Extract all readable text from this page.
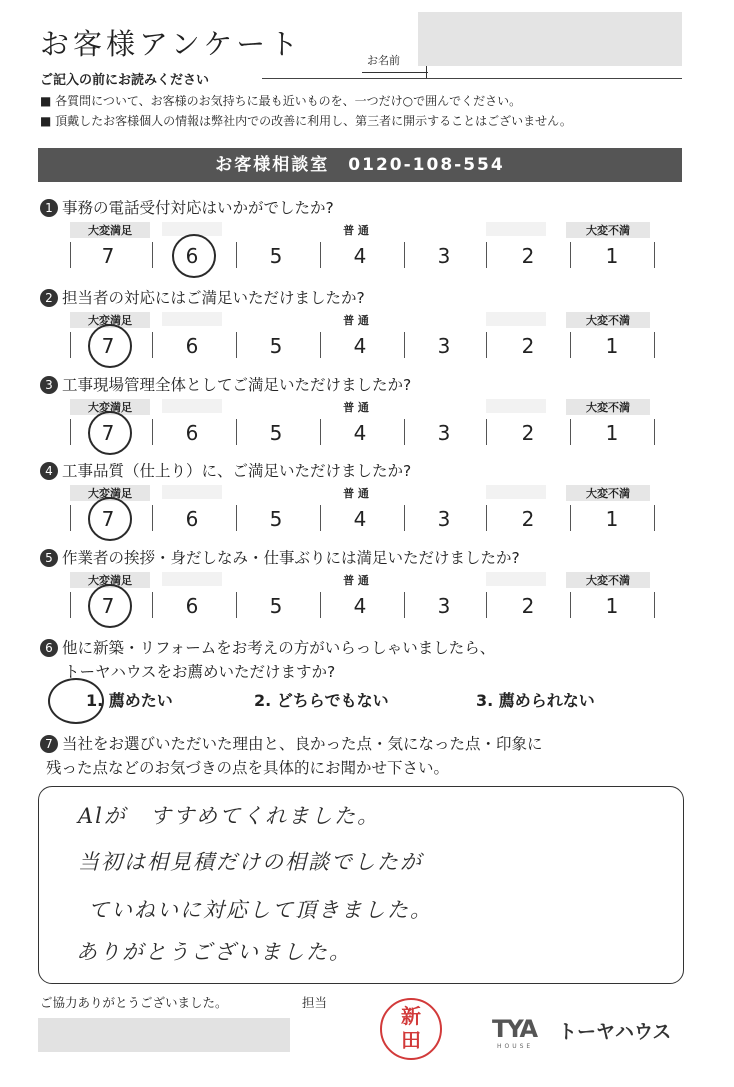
お客様アンケート	お名前
ご記入の前にお読みください
■ 各質問について、お客様のお気持ちに最も近いものを、一つだけ○で囲んでください。
■ 頂戴したお客様個人の情報は弊社内での改善に利用し、第三者に開示することはございません。
お客様相談室　0120-108-554
1 事務の電話受付対応はいかがでしたか?
大変満足	普 通	大変不満
7	6	5	4	3	2	1
2 担当者の対応にはご満足いただけましたか?
大変満足	普 通	大変不満
7	6	5	4	3	2	1
3 工事現場管理全体としてご満足いただけましたか?
大変満足	普 通	大変不満
7	6	5	4	3	2	1
4 工事品質（仕上り）に、ご満足いただけましたか?
大変満足	普 通	大変不満
7	6	5	4	3	2	1
5 作業者の挨拶・身だしなみ・仕事ぶりには満足いただけましたか?
大変満足	普 通	大変不満
7	6	5	4	3	2	1
6 他に新築・リフォームをお考えの方がいらっしゃいましたら、
トーヤハウスをお薦めいただけますか?
1. 薦めたい	2. どちらでもない	3. 薦められない
7 当社をお選びいただいた理由と、良かった点・気になった点・印象に
残った点などのお気づきの点を具体的にお聞かせ下さい。
Alが　すすめてくれました。
当初は相見積だけの相談でしたが
ていねいに対応して頂きました。
ありがとうございました。
ご協力ありがとうございました。	担当
新田	TYA
HOUSE
トーヤハウス
